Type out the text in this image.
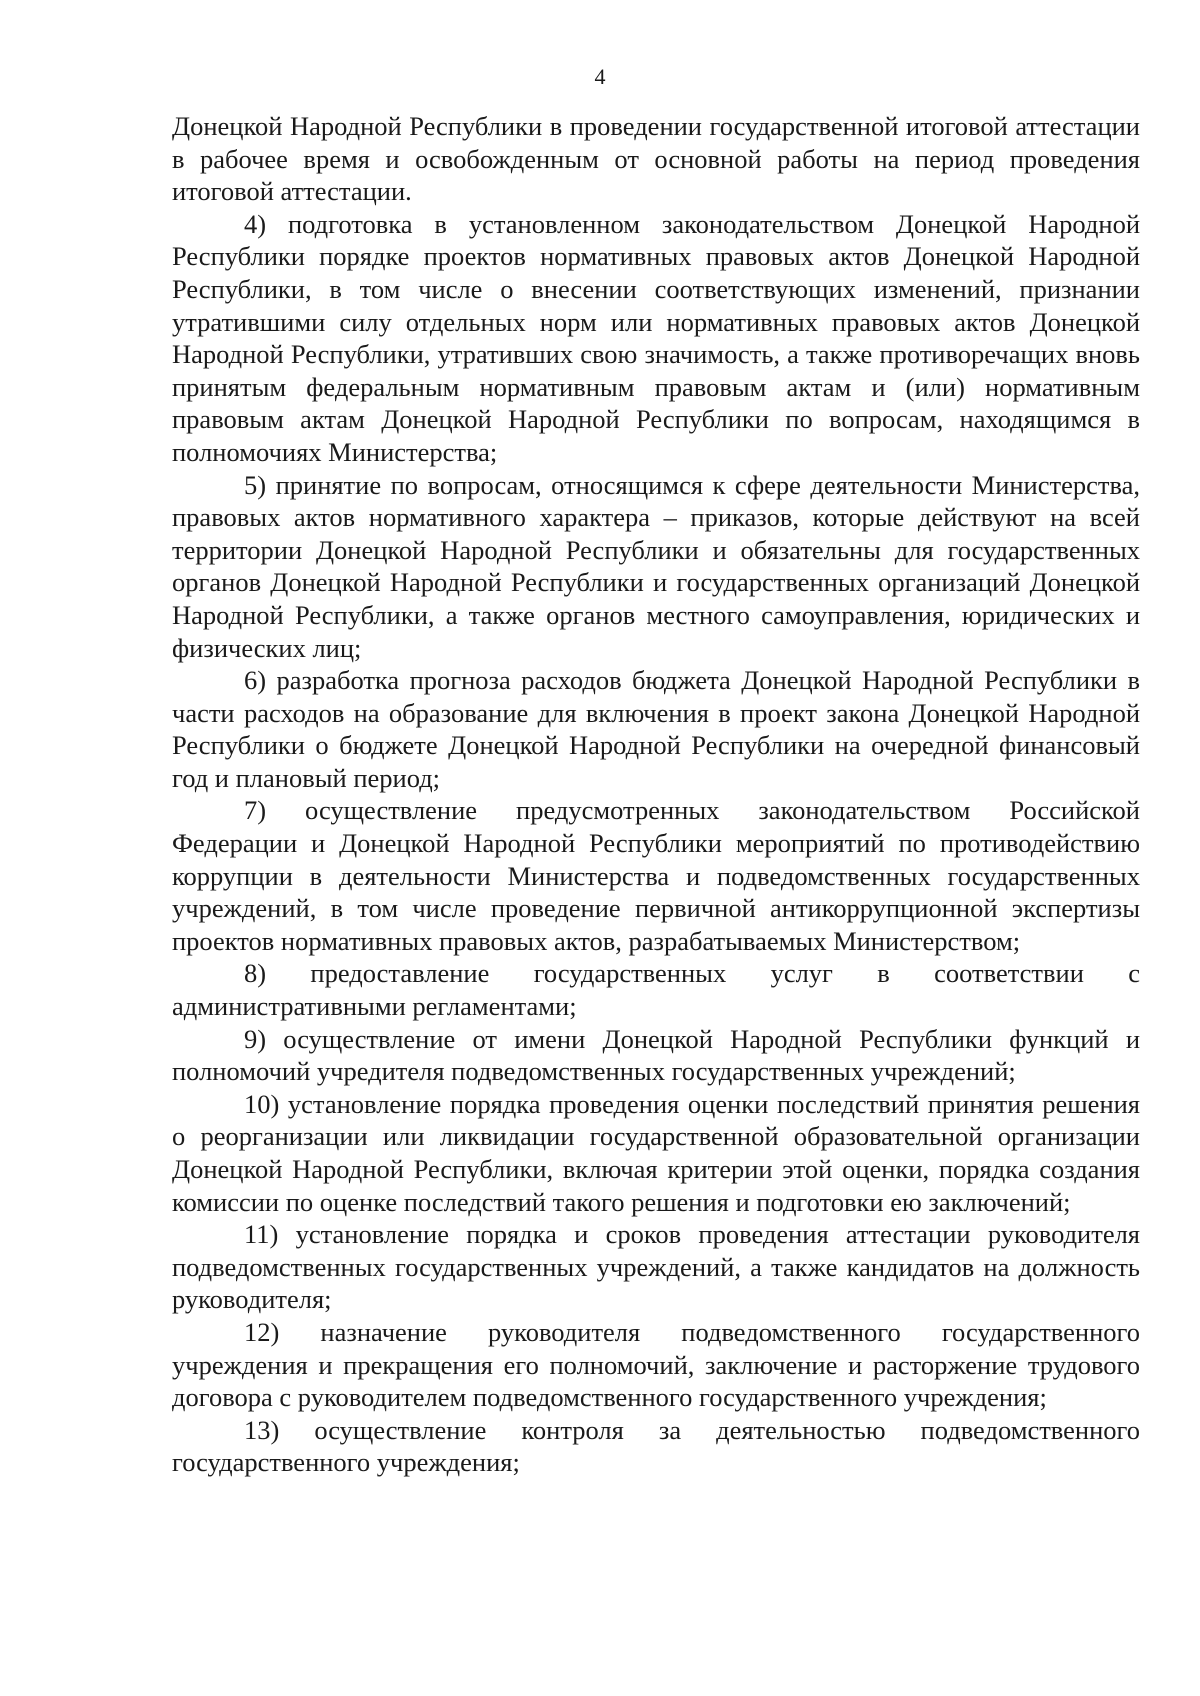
4

Донецкой Народной Республики в проведении государственной итоговой аттестации в рабочее время и освобожденным от основной работы на период проведения итоговой аттестации.

4) подготовка в установленном законодательством Донецкой Народной Республики порядке проектов нормативных правовых актов Донецкой Народной Республики, в том числе о внесении соответствующих изменений, признании утратившими силу отдельных норм или нормативных правовых актов Донецкой Народной Республики, утративших свою значимость, а также противоречащих вновь принятым федеральным нормативным правовым актам и (или) нормативным правовым актам Донецкой Народной Республики по вопросам, находящимся в полномочиях Министерства;

5) принятие по вопросам, относящимся к сфере деятельности Министерства, правовых актов нормативного характера – приказов, которые действуют на всей территории Донецкой Народной Республики и обязательны для государственных органов Донецкой Народной Республики и государственных организаций Донецкой Народной Республики, а также органов местного самоуправления, юридических и физических лиц;

6) разработка прогноза расходов бюджета Донецкой Народной Республики в части расходов на образование для включения в проект закона Донецкой Народной Республики о бюджете Донецкой Народной Республики на очередной финансовый год и плановый период;

7) осуществление предусмотренных законодательством Российской Федерации и Донецкой Народной Республики мероприятий по противодействию коррупции в деятельности Министерства и подведомственных государственных учреждений, в том числе проведение первичной антикоррупционной экспертизы проектов нормативных правовых актов, разрабатываемых Министерством;

8) предоставление государственных услуг в соответствии с административными регламентами;

9) осуществление от имени Донецкой Народной Республики функций и полномочий учредителя подведомственных государственных учреждений;

10) установление порядка проведения оценки последствий принятия решения о реорганизации или ликвидации государственной образовательной организации Донецкой Народной Республики, включая критерии этой оценки, порядка создания комиссии по оценке последствий такого решения и подготовки ею заключений;

11) установление порядка и сроков проведения аттестации руководителя подведомственных государственных учреждений, а также кандидатов на должность руководителя;

12) назначение руководителя подведомственного государственного учреждения и прекращения его полномочий, заключение и расторжение трудового договора с руководителем подведомственного государственного учреждения;

13) осуществление контроля за деятельностью подведомственного государственного учреждения;
